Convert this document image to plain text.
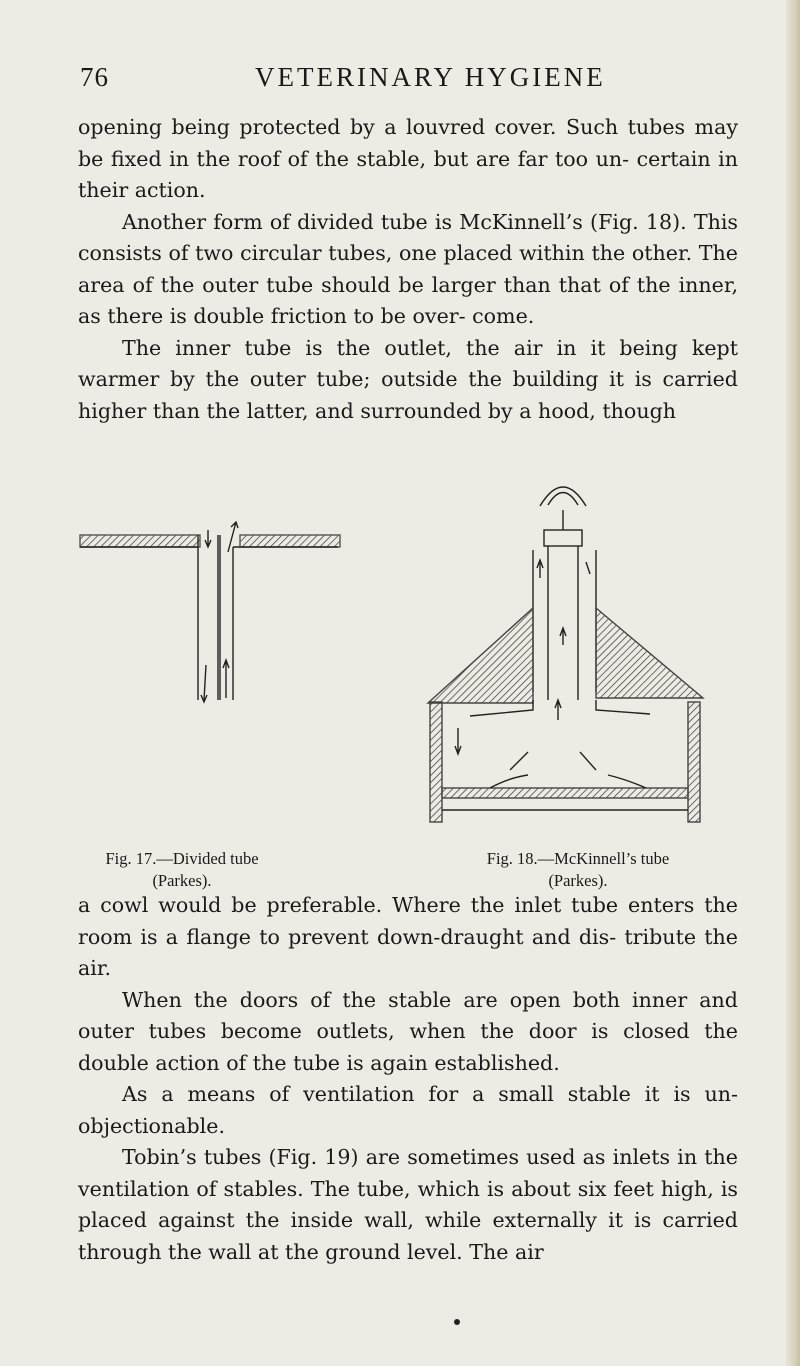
76	VETERINARY HYGIENE

opening being protected by a louvred cover. Such tubes may be fixed in the roof of the stable, but are far too un- certain in their action.

Another form of divided tube is McKinnell’s (Fig. 18). This consists of two circular tubes, one placed within the other. The area of the outer tube should be larger than that of the inner, as there is double friction to be over- come.

The inner tube is the outlet, the air in it being kept warmer by the outer tube; outside the building it is carried higher than the latter, and surrounded by a hood, though

Fig. 17.—Divided tube
(Parkes).
Fig. 18.—McKinnell’s tube
(Parkes).

a cowl would be preferable. Where the inlet tube enters the room is a flange to prevent down-draught and dis- tribute the air.

When the doors of the stable are open both inner and outer tubes become outlets, when the door is closed the double action of the tube is again established.

As a means of ventilation for a small stable it is un- objectionable.

Tobin’s tubes (Fig. 19) are sometimes used as inlets in the ventilation of stables. The tube, which is about six feet high, is placed against the inside wall, while externally it is carried through the wall at the ground level. The air
